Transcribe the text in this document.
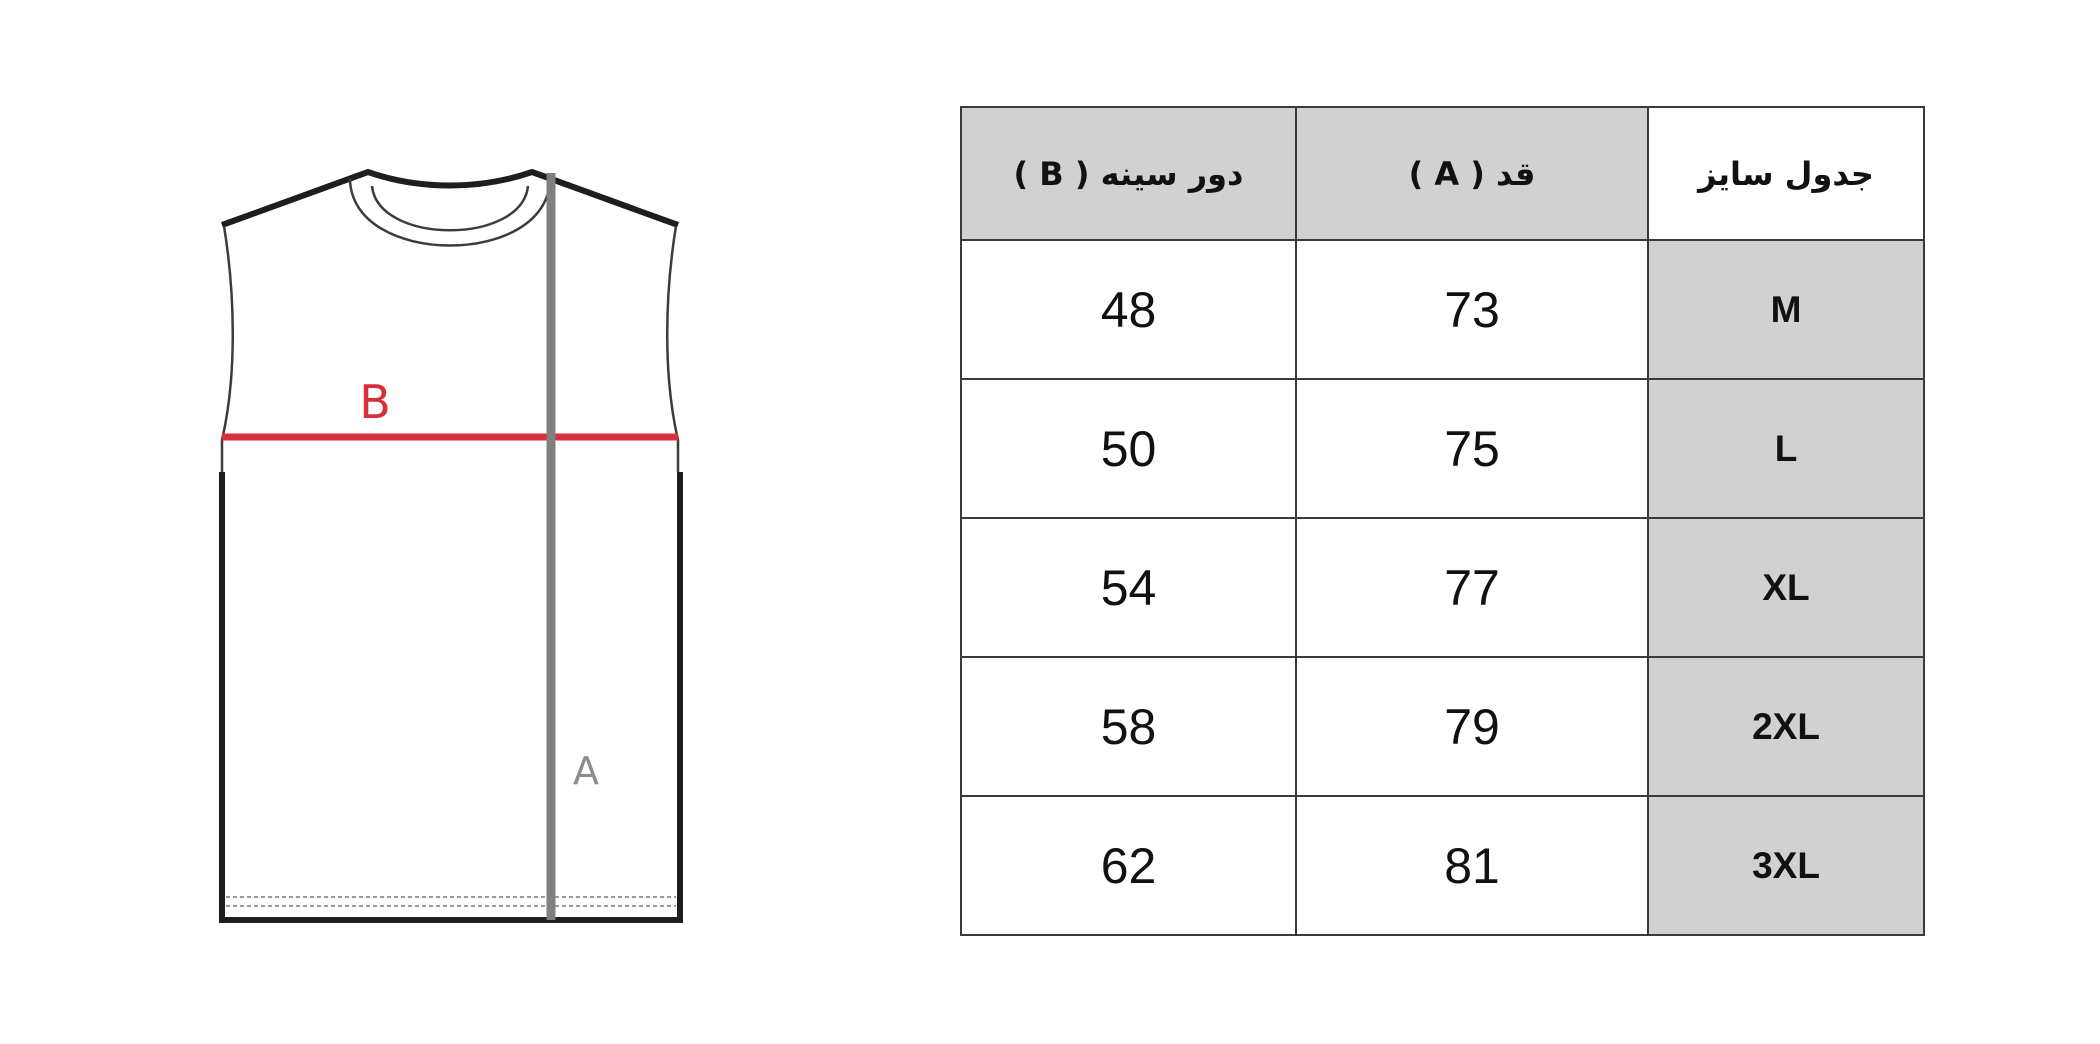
B
A
دور سینه ( B )	قد ( A )	جدول سایز
48	73	M
50	75	L
54	77	XL
58	79	2XL
62	81	3XL
